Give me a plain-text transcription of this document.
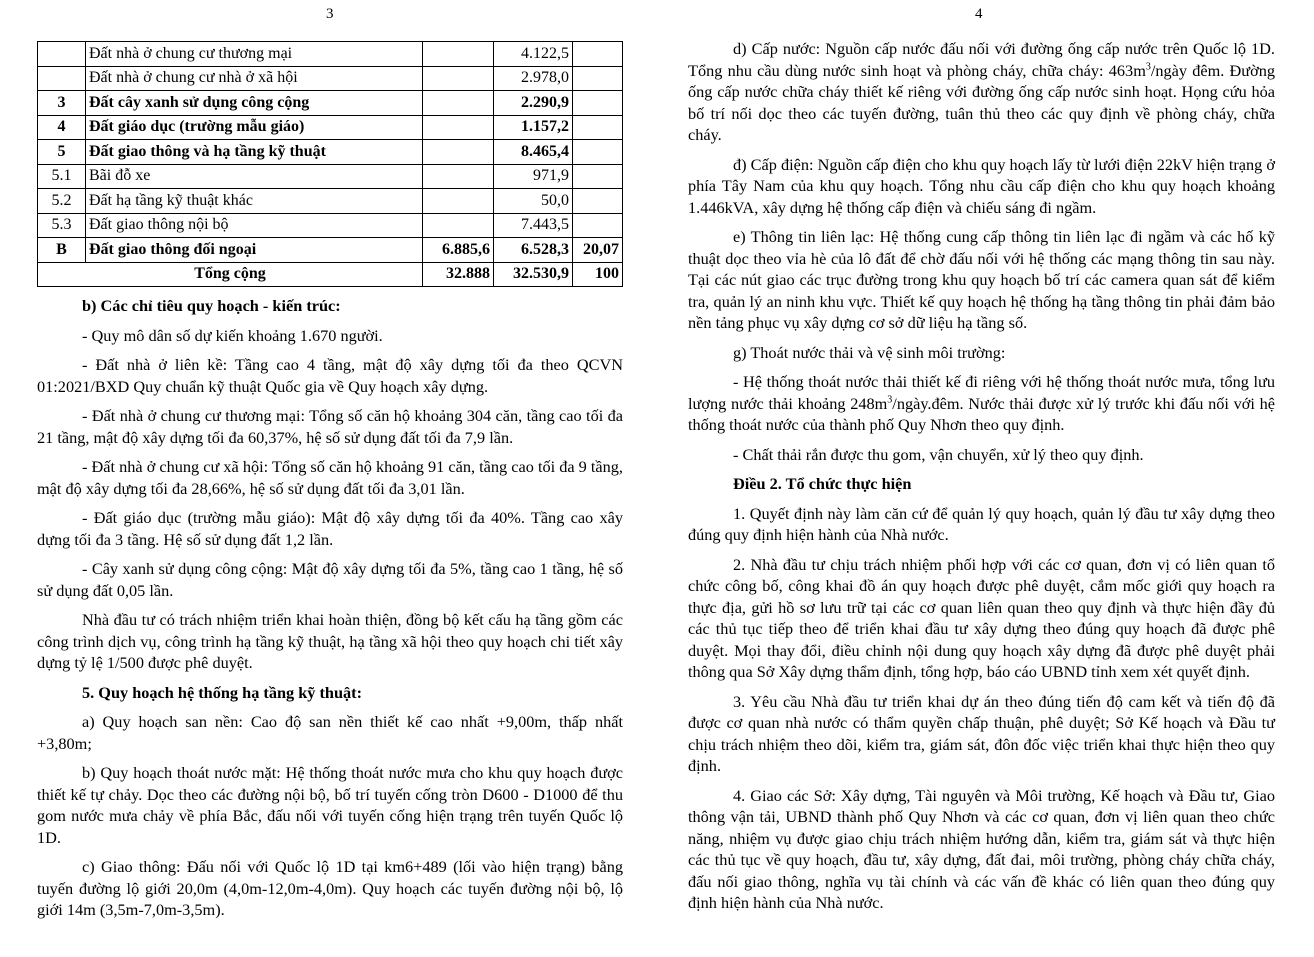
3
	Đất nhà ở chung cư thương mại		4.122,5	
	Đất nhà ở chung cư nhà ở xã hội		2.978,0	
3	Đất cây xanh sử dụng công cộng		2.290,9	
4	Đất giáo dục (trường mẫu giáo)		1.157,2	
5	Đất giao thông và hạ tầng kỹ thuật		8.465,4	
5.1	Bãi đỗ xe		971,9	
5.2	Đất hạ tầng kỹ thuật khác		50,0	
5.3	Đất giao thông nội bộ		7.443,5	
B	Đất giao thông đối ngoại	6.885,6	6.528,3	20,07
Tổng cộng		32.888	32.530,9	100

b) Các chỉ tiêu quy hoạch - kiến trúc:

- Quy mô dân số dự kiến khoảng 1.670 người.

- Đất nhà ở liên kề: Tầng cao 4 tầng, mật độ xây dựng tối đa theo QCVN 01:2021/BXD Quy chuẩn kỹ thuật Quốc gia về Quy hoạch xây dựng.

- Đất nhà ở chung cư thương mại: Tổng số căn hộ khoảng 304 căn, tầng cao tối đa 21 tầng, mật độ xây dựng tối đa 60,37%, hệ số sử dụng đất tối đa 7,9 lần.

- Đất nhà ở chung cư xã hội: Tổng số căn hộ khoảng 91 căn, tầng cao tối đa 9 tầng, mật độ xây dựng tối đa 28,66%, hệ số sử dụng đất tối đa 3,01 lần.

- Đất giáo dục (trường mẫu giáo): Mật độ xây dựng tối đa 40%. Tầng cao xây dựng tối đa 3 tầng. Hệ số sử dụng đất 1,2 lần.

- Cây xanh sử dụng công cộng: Mật độ xây dựng tối đa 5%, tầng cao 1 tầng, hệ số sử dụng đất 0,05 lần.

Nhà đầu tư có trách nhiệm triển khai hoàn thiện, đồng bộ kết cấu hạ tầng gồm các công trình dịch vụ, công trình hạ tầng kỹ thuật, hạ tầng xã hội theo quy hoạch chi tiết xây dựng tỷ lệ 1/500 được phê duyệt.

5. Quy hoạch hệ thống hạ tầng kỹ thuật:

a) Quy hoạch san nền: Cao độ san nền thiết kế cao nhất +9,00m, thấp nhất +3,80m;

b) Quy hoạch thoát nước mặt: Hệ thống thoát nước mưa cho khu quy hoạch được thiết kế tự chảy. Dọc theo các đường nội bộ, bố trí tuyến cống tròn D600 - D1000 để thu gom nước mưa chảy về phía Bắc, đấu nối với tuyến cống hiện trạng trên tuyến Quốc lộ 1D.

c) Giao thông: Đấu nối với Quốc lộ 1D tại km6+489 (lối vào hiện trạng) bằng tuyến đường lộ giới 20,0m (4,0m-12,0m-4,0m). Quy hoạch các tuyến đường nội bộ, lộ giới 14m (3,5m-7,0m-3,5m).

4

d) Cấp nước: Nguồn cấp nước đấu nối với đường ống cấp nước trên Quốc lộ 1D. Tổng nhu cầu dùng nước sinh hoạt và phòng cháy, chữa cháy: $463m^3$/ngày đêm. Đường ống cấp nước chữa cháy thiết kế riêng với đường ống cấp nước sinh hoạt. Họng cứu hỏa bố trí nối dọc theo các tuyến đường, tuân thủ theo các quy định về phòng cháy, chữa cháy.

đ) Cấp điện: Nguồn cấp điện cho khu quy hoạch lấy từ lưới điện 22kV hiện trạng ở phía Tây Nam của khu quy hoạch. Tổng nhu cầu cấp điện cho khu quy hoạch khoảng 1.446kVA, xây dựng hệ thống cấp điện và chiếu sáng đi ngầm.

e) Thông tin liên lạc: Hệ thống cung cấp thông tin liên lạc đi ngầm và các hố kỹ thuật dọc theo vỉa hè của lô đất để chờ đấu nối với hệ thống các mạng thông tin sau này. Tại các nút giao các trục đường trong khu quy hoạch bố trí các camera quan sát để kiểm tra, quản lý an ninh khu vực. Thiết kế quy hoạch hệ thống hạ tầng thông tin phải đảm bảo nền tảng phục vụ xây dựng cơ sở dữ liệu hạ tầng số.

g) Thoát nước thải và vệ sinh môi trường:

- Hệ thống thoát nước thải thiết kế đi riêng với hệ thống thoát nước mưa, tổng lưu lượng nước thải khoảng $248m^3/ngày.đêm$. Nước thải được xử lý trước khi đấu nối với hệ thống thoát nước của thành phố Quy Nhơn theo quy định.

- Chất thải rắn được thu gom, vận chuyển, xử lý theo quy định.

Điều 2. Tổ chức thực hiện

1. Quyết định này làm căn cứ để quản lý quy hoạch, quản lý đầu tư xây dựng theo đúng quy định hiện hành của Nhà nước.

2. Nhà đầu tư chịu trách nhiệm phối hợp với các cơ quan, đơn vị có liên quan tổ chức công bố, công khai đồ án quy hoạch được phê duyệt, cắm mốc giới quy hoạch ra thực địa, gửi hồ sơ lưu trữ tại các cơ quan liên quan theo quy định và thực hiện đầy đủ các thủ tục tiếp theo để triển khai đầu tư xây dựng theo đúng quy hoạch đã được phê duyệt. Mọi thay đổi, điều chỉnh nội dung quy hoạch xây dựng đã được phê duyệt phải thông qua Sở Xây dựng thẩm định, tổng hợp, báo cáo UBND tỉnh xem xét quyết định.

3. Yêu cầu Nhà đầu tư triển khai dự án theo đúng tiến độ cam kết và tiến độ đã được cơ quan nhà nước có thẩm quyền chấp thuận, phê duyệt; Sở Kế hoạch và Đầu tư chịu trách nhiệm theo dõi, kiểm tra, giám sát, đôn đốc việc triển khai thực hiện theo quy định.

4. Giao các Sở: Xây dựng, Tài nguyên và Môi trường, Kế hoạch và Đầu tư, Giao thông vận tải, UBND thành phố Quy Nhơn và các cơ quan, đơn vị liên quan theo chức năng, nhiệm vụ được giao chịu trách nhiệm hướng dẫn, kiểm tra, giám sát và thực hiện các thủ tục về quy hoạch, đầu tư, xây dựng, đất đai, môi trường, phòng cháy chữa cháy, đấu nối giao thông, nghĩa vụ tài chính và các vấn đề khác có liên quan theo đúng quy định hiện hành của Nhà nước.
